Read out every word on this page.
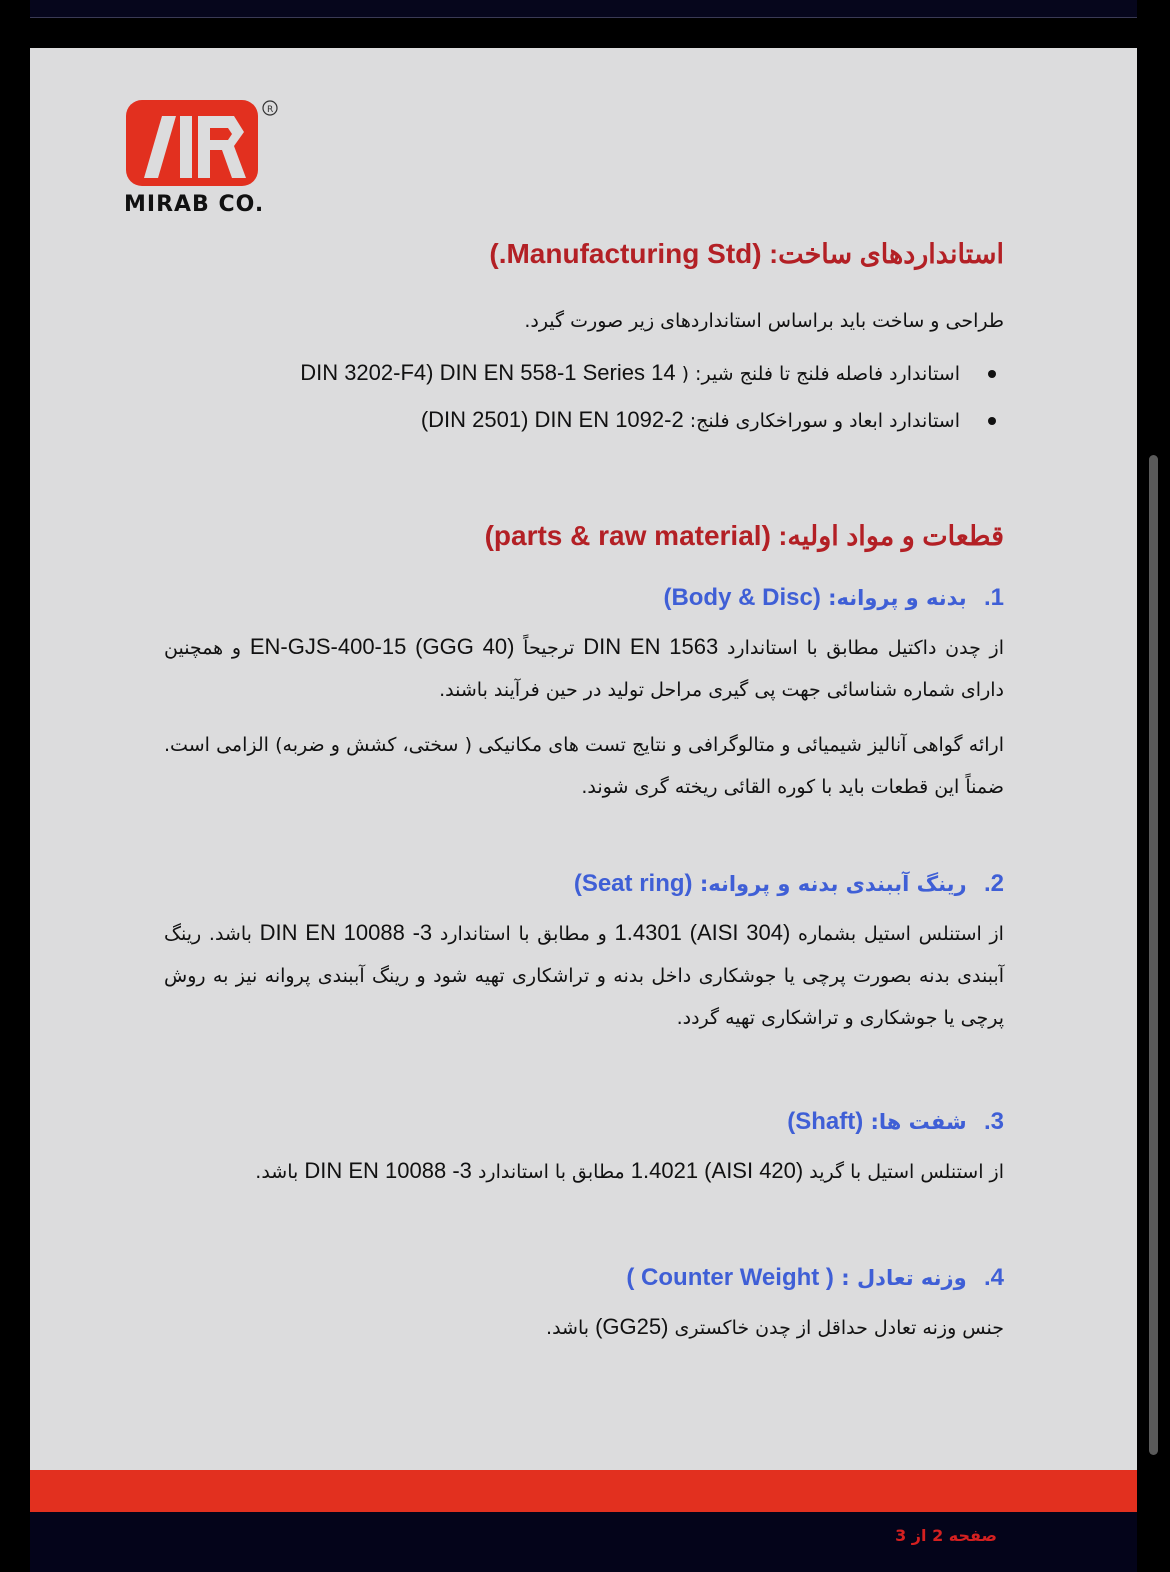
R
MIRAB CO.
استانداردهای ساخت: (Manufacturing Std.)
طراحی و ساخت باید براساس استانداردهای زیر صورت گیرد.
استاندارد فاصله فلنج تا فلنج شیر: ( DIN 3202-F4) DIN EN 558-1 Series 14
استاندارد ابعاد و سوراخکاری فلنج: (DIN 2501) DIN EN 1092-2
قطعات و مواد اولیه: (parts & raw material)
1. بدنه و پروانه: (Body & Disc)
از چدن داکتیل مطابق با استاندارد DIN EN 1563 ترجیحاً EN-GJS-400-15 (GGG 40) و همچنین دارای شماره شناسائی جهت پی گیری مراحل تولید در حین فرآیند باشند.
ارائه گواهی آنالیز شیمیائی و متالوگرافی و نتایج تست های مکانیکی ( سختی، کشش و ضربه) الزامی است. ضمناً این قطعات باید با کوره القائی ریخته گری شوند.
2. رینگ آببندی بدنه و پروانه: (Seat ring)
از استنلس استیل بشماره (AISI 304) 1.4301 و مطابق با استاندارد 3- DIN EN 10088 باشد. رینگ آببندی بدنه بصورت پرچی یا جوشکاری داخل بدنه و تراشکاری تهیه شود و رینگ آببندی پروانه نیز به روش پرچی یا جوشکاری و تراشکاری تهیه گردد.
3. شفت ها: (Shaft)
از استنلس استیل با گرید (AISI 420) 1.4021 مطابق با استاندارد 3- DIN EN 10088 باشد.
4. وزنه تعادل : ( Counter Weight )
جنس وزنه تعادل حداقل از چدن خاکستری (GG25) باشد.
صفحه 2 از 3
